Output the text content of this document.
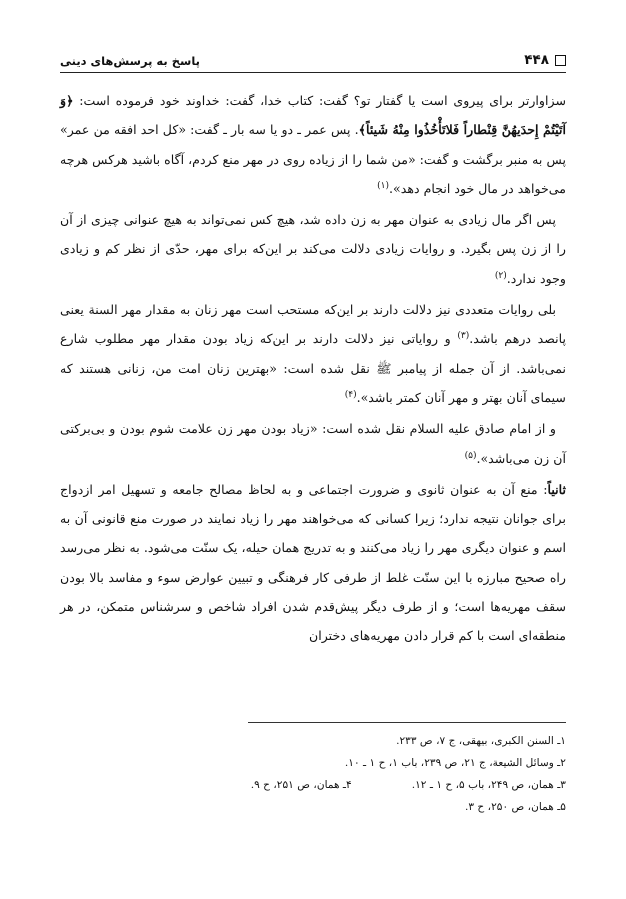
۴۴۸
پاسخ به پرسش‌های دینی

سزاوارتر برای پیروی است یا گفتار تو؟ گفت: کتاب خدا، گفت: خداوند خود فرموده است: ﴿وَ آتَيْتُمْ إِحدَيهُنَّ قِنْطاراً فَلاتَأْخُذُوا مِنْهُ شَيئاً﴾. پس عمر ـ دو یا سه بار ـ گفت: «کل احد افقه من عمر» پس به منبر برگشت و گفت: «من شما را از زیاده روی در مهر منع کردم، آگاه باشید هرکس هرچه می‌خواهد در مال خود انجام دهد».$^{(۱)}$

پس اگر مال زیادی به عنوان مهر به زن داده شد، هیچ کس نمی‌تواند به هیچ عنوانی چیزی از آن را از زن پس بگیرد. و روایات زیادی دلالت می‌کند بر این‌که برای مهر، حدّی از نظر کم و زیادی وجود ندارد.$^{(۲)}$

بلی روایات متعددی نیز دلالت دارند بر این‌که مستحب است مهر زنان به مقدار مهر السنة یعنی پانصد درهم باشد.$^{(۳)}$ و روایاتی نیز دلالت دارند بر این‌که زیاد بودن مقدار مهر مطلوب شارع نمی‌باشد. از آن جمله از پیامبر ﷺ نقل شده است: «بهترین زنان امت من، زنانی هستند که سیمای آنان بهتر و مهر آنان کمتر باشد».$^{(۴)}$

و از امام صادق علیه السلام نقل شده است: «زیاد بودن مهر زن علامت شوم بودن و بی‌برکتی آن زن می‌باشد».$^{(۵)}$

ثانیاً: منع آن به عنوان ثانوی و ضرورت اجتماعی و به لحاظ مصالح جامعه و تسهیل امر ازدواج برای جوانان نتیجه ندارد؛ زیرا کسانی که می‌خواهند مهر را زیاد نمایند در صورت منع قانونی آن به اسم و عنوان دیگری مهر را زیاد می‌کنند و به تدریج همان حیله، یک سنّت می‌شود. به نظر می‌رسد راه صحیح مبارزه با این سنّت غلط از طرفی کار فرهنگی و تبیین عوارض سوء و مفاسد بالا بودن سقف مهریه‌ها است؛ و از طرف دیگر پیش‌قدم شدن افراد شاخص و سرشناس متمکن، در هر منطقه‌ای است با کم قرار دادن مهریه‌های دختران

۱ـ السنن الکبری، بیهقی، ج ۷، ص ۲۳۳.
۲ـ وسائل الشیعة، ج ۲۱، ص ۲۳۹، باب ۱، ح ۱ ـ ۱۰.
۳ـ همان، ص ۲۴۹، باب ۵، ح ۱ ـ ۱۲.
۴ـ همان، ص ۲۵۱، ح ۹.
۵ـ همان، ص ۲۵۰، ح ۳.
